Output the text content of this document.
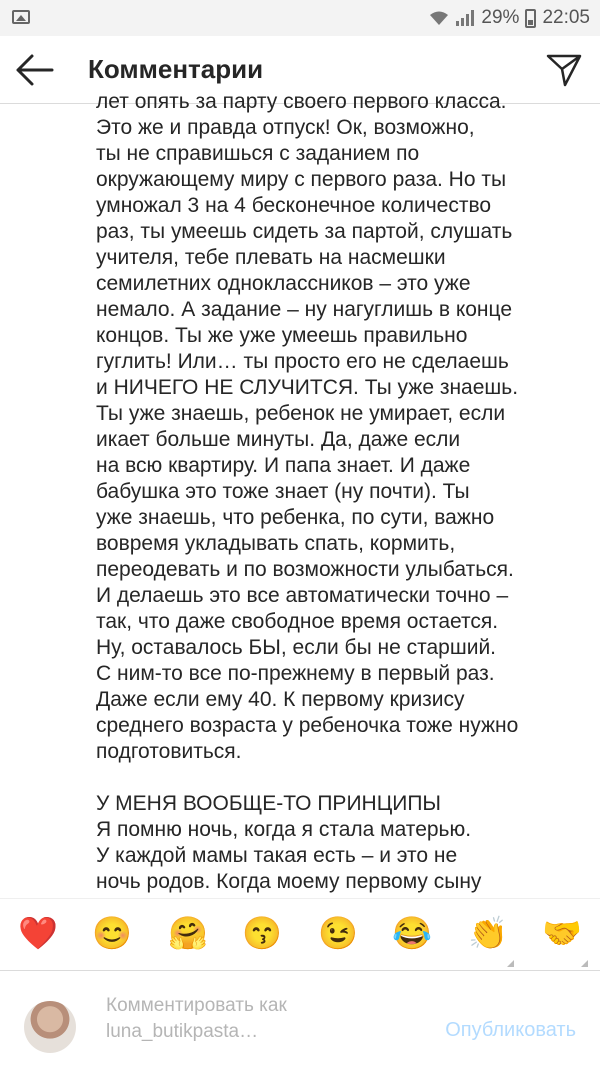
29% 22:05
Комментарии
лет опять за парту своего первого класса.
Это же и правда отпуск! Ок, возможно,
ты не справишься с заданием по
окружающему миру с первого раза. Но ты
умножал 3 на 4 бесконечное количество
раз, ты умеешь сидеть за партой, слушать
учителя, тебе плевать на насмешки
семилетних одноклассников – это уже
немало. А задание – ну нагуглишь в конце
концов. Ты же уже умеешь правильно
гуглить! Или… ты просто его не сделаешь
и НИЧЕГО НЕ СЛУЧИТСЯ. Ты уже знаешь.
Ты уже знаешь, ребенок не умирает, если
икает больше минуты. Да, даже если
на всю квартиру. И папа знает. И даже
бабушка это тоже знает (ну почти). Ты
уже знаешь, что ребенка, по сути, важно
вовремя укладывать спать, кормить,
переодевать и по возможности улыбаться.
И делаешь это все автоматически точно –
так, что даже свободное время остается.
Ну, оставалось БЫ, если бы не старший.
С ним-то все по-прежнему в первый раз.
Даже если ему 40. К первому кризису
среднего возраста у ребеночка тоже нужно
подготовиться.
У МЕНЯ ВООБЩЕ-ТО ПРИНЦИПЫ
Я помню ночь, когда я стала матерью.
У каждой мамы такая есть – и это не
ночь родов. Когда моему первому сыну
❤️ 😊 🤗 😙 😉 😂 👏 🤝
Комментировать как
luna_butikpasta…	Опубликовать
